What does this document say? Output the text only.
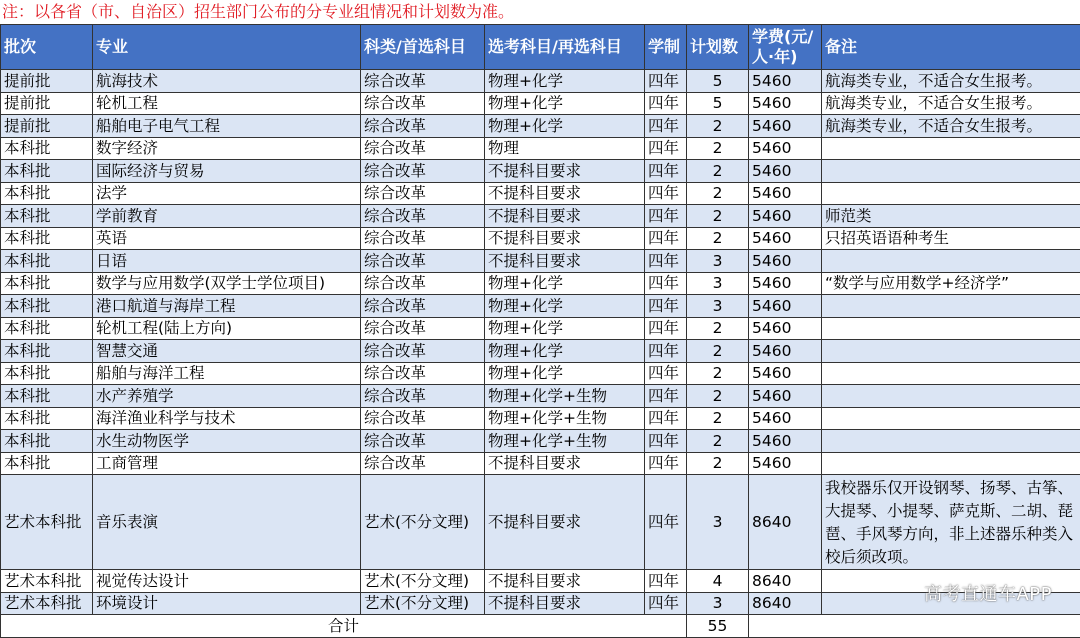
注：以各省（市、自治区）招生部门公布的分专业组情况和计划数为准。
批次	专业	科类/首选科目	选考科目/再选科目	学制	计划数	学费(元/人·年)	备注
提前批	航海技术	综合改革	物理+化学	四年	5	5460	航海类专业，不适合女生报考。
提前批	轮机工程	综合改革	物理+化学	四年	5	5460	航海类专业，不适合女生报考。
提前批	船舶电子电气工程	综合改革	物理+化学	四年	2	5460	航海类专业，不适合女生报考。
本科批	数字经济	综合改革	物理	四年	2	5460	
本科批	国际经济与贸易	综合改革	不提科目要求	四年	2	5460	
本科批	法学	综合改革	不提科目要求	四年	2	5460	
本科批	学前教育	综合改革	不提科目要求	四年	2	5460	师范类
本科批	英语	综合改革	不提科目要求	四年	2	5460	只招英语语种考生
本科批	日语	综合改革	不提科目要求	四年	3	5460	
本科批	数学与应用数学(双学士学位项目)	综合改革	物理+化学	四年	3	5460	“数学与应用数学+经济学”
本科批	港口航道与海岸工程	综合改革	物理+化学	四年	3	5460	
本科批	轮机工程(陆上方向)	综合改革	物理+化学	四年	2	5460	
本科批	智慧交通	综合改革	物理+化学	四年	2	5460	
本科批	船舶与海洋工程	综合改革	物理+化学	四年	2	5460	
本科批	水产养殖学	综合改革	物理+化学+生物	四年	2	5460	
本科批	海洋渔业科学与技术	综合改革	物理+化学+生物	四年	2	5460	
本科批	水生动物医学	综合改革	物理+化学+生物	四年	2	5460	
本科批	工商管理	综合改革	不提科目要求	四年	2	5460	
艺术本科批	音乐表演	艺术(不分文理)	不提科目要求	四年	3	8640	我校器乐仅开设钢琴、扬琴、古筝、大提琴、小提琴、萨克斯、二胡、琵琶、手风琴方向，非上述器乐种类入校后须改项。
艺术本科批	视觉传达设计	艺术(不分文理)	不提科目要求	四年	4	8640	
艺术本科批	环境设计	艺术(不分文理)	不提科目要求	四年	3	8640	
合计					55		
高考直通车APP
